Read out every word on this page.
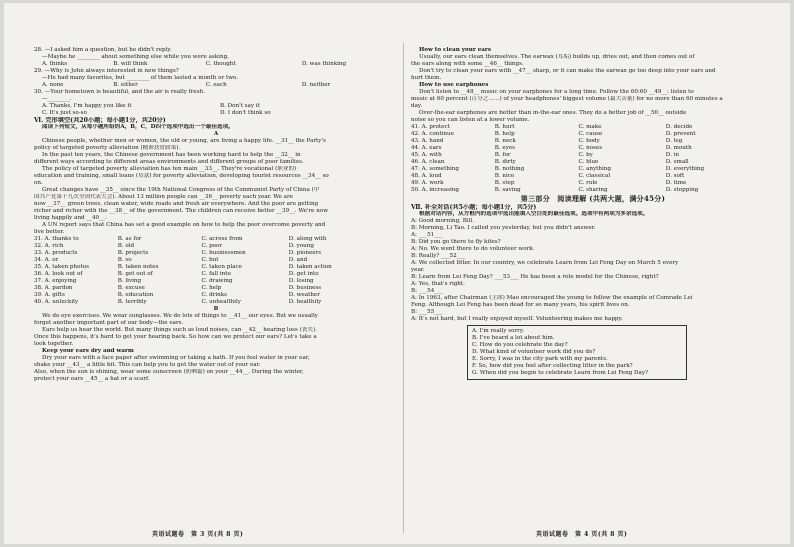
28. —I asked him a question, but he didn't reply.
—Maybe he ________ about something else while you were asking.
A. thinks	B. will think	C. thought	D. was thinking
29. —Why is John always interested in new things?
—He had many favorites, but ________ of them lasted a month or two.
A. none	B. either	C. each	D. neither
30. —Your hometown is beautiful, and the air is really fresh.
—________.
A. Thanks, I'm happy you like it	B. Don't say it
C. It's just so-so	D. I don't think so
Ⅵ. 完形填空(共20小题；每小题1分，共20分)
阅读下列短文，从每小题所给的A，B，C，D四个选项中选出一个最佳选项。
A
Chinese people, whether men or women, the old or young, are living a happy life. __31__ the Party's
policy of targeted poverty alleviation (精准扶贫政策).
In the past ten years, the Chinese government has been working hard to help the __32__ in
different ways according to different areas environments and different groups of poor families.
The policy of targeted poverty alleviation has ten main __33__. They're vocational (职业的)
education and training, small loans (贷款) for poverty alleviation, developing tourist resources __34__ so
on.
Great changes have __35__ since the 19th National Congress of the Communist Party of China (中
国共产党第十九次全国代表大会). About 13 million people can __36__ poverty each year. We are
now __37__ green trees, clean water, wide roads and fresh air everywhere. And the poor are getting
richer and richer with the __38__ of the government. The children can receive better __39__. We're now
living happily and __40__.
A UN report says that China has set a good example on how to help the poor overcome poverty and
live better.
31. A. thanks to	B. as for	C. across from	D. along with
32. A. rich	B. old	C. poor	D. young
33. A. products	B. projects	C. businessmen	D. pioneers
34. A. or	B. so	C. but	D. and
35. A. taken photos	B. taken notes	C. taken place	D. taken action
36. A. look out of	B. get out of	C. fall into	D. get into
37. A. enjoying	B. living	C. drawing	D. losing
38. A. pardon	B. excuse	C. help	D. business
39. A. gifts	B. education	C. drinks	D. weather
40. A. unluckily	B. terribly	C. unhealthily	D. healthily
B
We do eye exercises. We wear sunglasses. We do lots of things to __41__ our eyes. But we usually
forget another important part of our body—the ears.
Ears help us hear the world. But many things such as loud noises, can __42__ hearing loss (丧失).
Once this happens, it's hard to get your hearing back. So how can we protect our ears? Let's take a
look together.
Keep your ears dry and warm
Dry your ears with a face paper after swimming or taking a bath. If you feel water in your ear,
shake your __43__ a little bit. This can help you to get the water out of your ear.
Also, when the sun is shining, wear some sunscreen (防晒霜) on your __44__. During the winter,
protect your ears __45__ a hat or a scarf.
英语试题卷　第 3 页(共 8 页)
How to clean your ears
Usually, our ears clean themselves. The earwax (耳垢) builds up, dries out, and then comes out of
the ears along with some __46__ things.
Don't try to clean your ears with __47__ sharp, or it can make the earwax go too deep into your ears and
hurt them.
How to use earphones
Don't listen to __48__ music on your earphones for a long time. Follow the 60:60 __49__: listen to
music at 60 percent (百分之……) of your headphones' biggest volume (最大音量) for no more than 60 minutes a
day.
Over-the-ear earphones are better than in-the-ear ones. They do a better job of __50__ outside
noise so you can listen at a lower volume.
41. A. protect	B. hurt	C. make	D. decide
42. A. continue	B. help	C. cause	D. prevent
43. A. hand	B. neck	C. body	D. leg
44. A. ears	B. eyes	C. noses	D. mouth
45. A. with	B. for	C. by	D. in
46. A. clean	B. dirty	C. blue	D. small
47. A. something	B. nothing	C. anything	D. everything
48. A. loud	B. nice	C. classical	D. soft
49. A. work	B. step	C. rule	D. time
50. A. increasing	B. saving	C. sharing	D. stopping
第三部分　阅读理解 (共两大题，满分45分)
Ⅶ. 补全对话(共5小题；每小题1分，共5分)
根据对话内容，从方框内的选项中选出能填入空白处的最佳选项。选项中有两项为多余选项。
A: Good morning, Bill.
B: Morning, Li Tao. I called you yesterday, but you didn't answer.
A: ___51___
B: Did you go there to fly kites?
A: No. We went there to do volunteer work.
B: Really? ___52___
A: We collected litter. In our country, we celebrate Learn from Lei Feng Day on March 5 every
year.
B: Learn from Lei Feng Day? ___53___ He has been a role model for the Chinese, right?
A: Yes, that's right.
B: ___54___
A: In 1963, after Chairman (主席) Mao encouraged the young to follow the example of Comrade Lei
Feng. Although Lei Feng has been dead for so many years, his spirit lives on.
B: ___55___
A: It's not hard, but I really enjoyed myself. Volunteering makes me happy.
A. I'm really sorry.
B. I've heard a lot about him.
C. How do you celebrate the day?
D. What kind of volunteer work did you do?
E. Sorry, I was in the city park with my parents.
F. So, how did you feel after collecting litter in the park?
G. When did you begin to celebrate Learn from Lei Feng Day?
英语试题卷　第 4 页(共 8 页)
